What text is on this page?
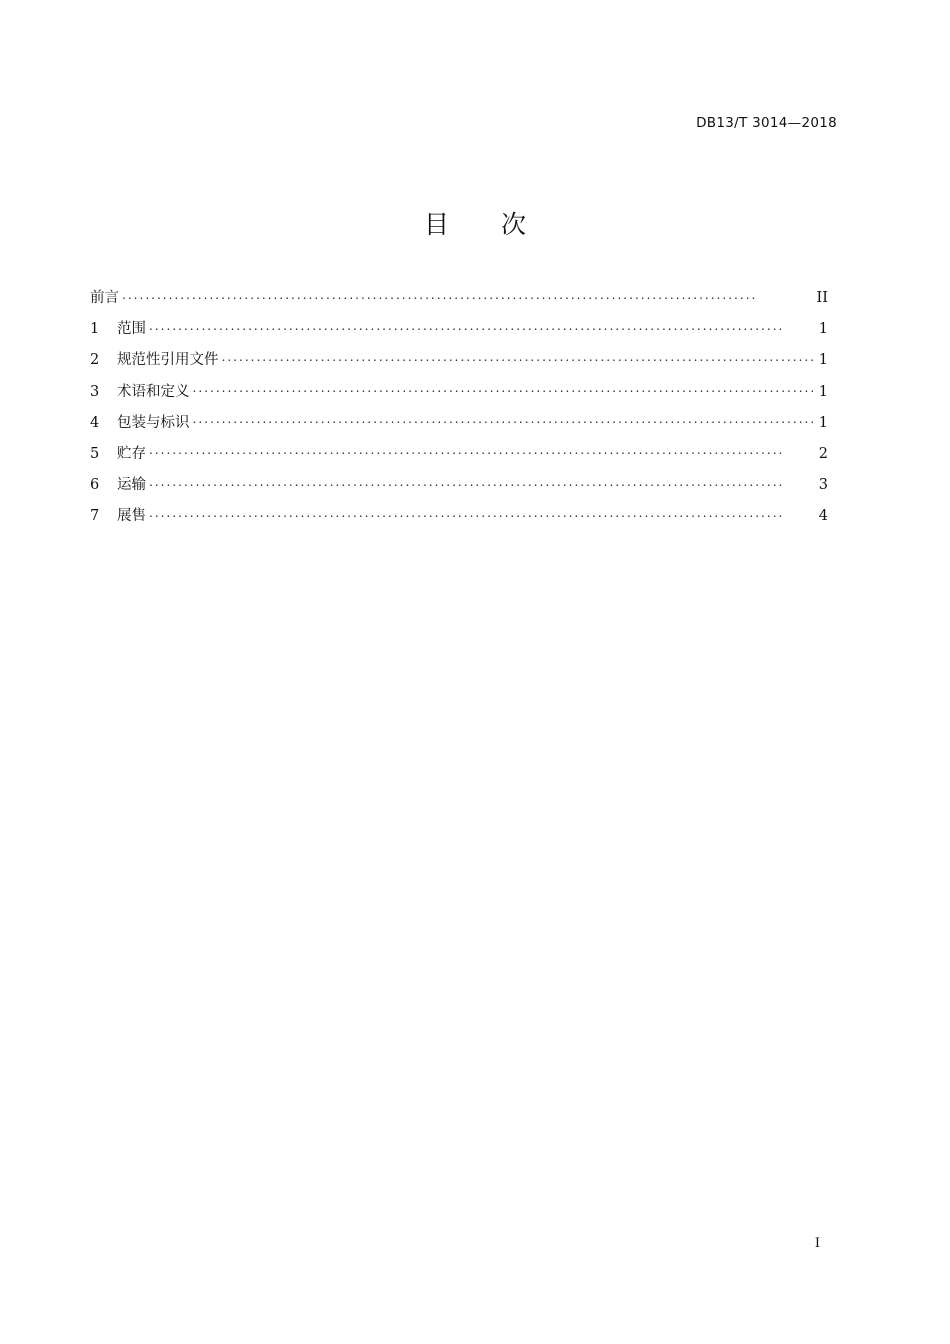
DB13/T 3014—2018
目 次
前言 . . .	II
1	范围 . . .	1
2	规范性引用文件 . . .	1
3	术语和定义 . . .	1
4	包装与标识 . . .	1
5	贮存 . . .	2
6	运输 . . .	3
7	展售 . . .	4
I
